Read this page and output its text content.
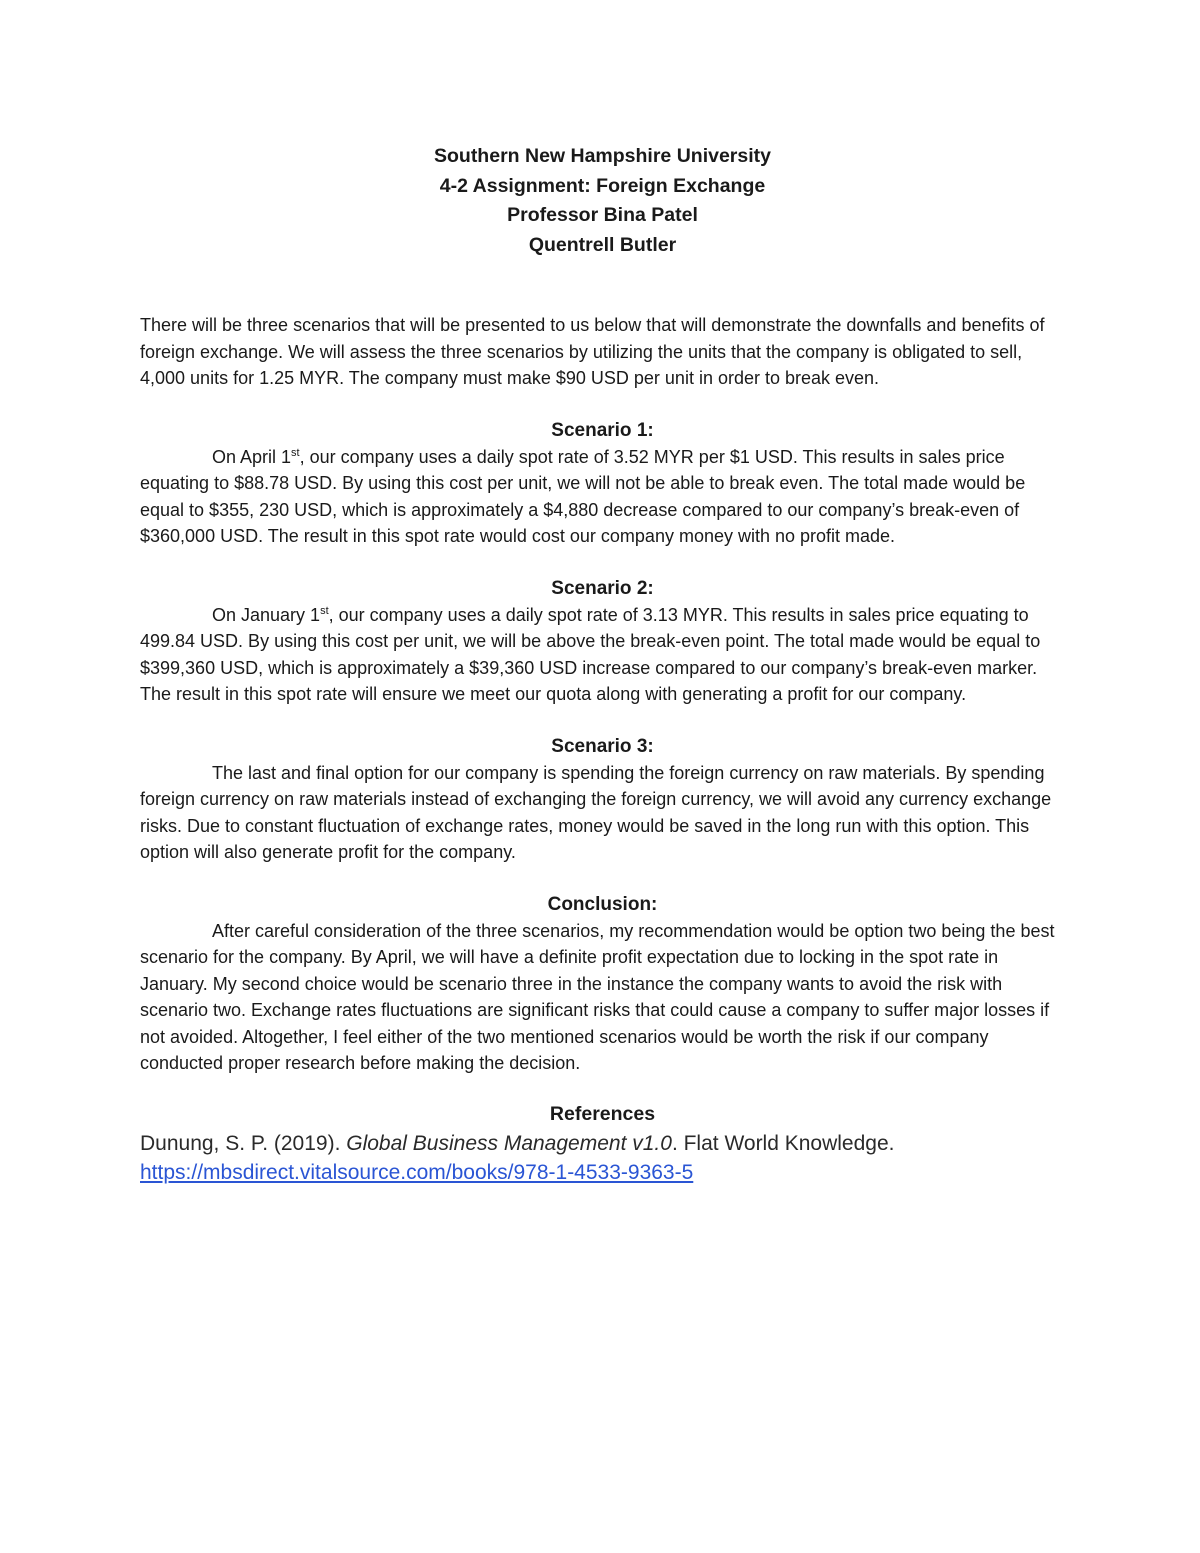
Southern New Hampshire University
4-2 Assignment: Foreign Exchange
Professor Bina Patel
Quentrell Butler
There will be three scenarios that will be presented to us below that will demonstrate the downfalls and benefits of foreign exchange. We will assess the three scenarios by utilizing the units that the company is obligated to sell, 4,000 units for 1.25 MYR. The company must make $90 USD per unit in order to break even.
Scenario 1:
On April 1st, our company uses a daily spot rate of 3.52 MYR per $1 USD. This results in sales price equating to $88.78 USD. By using this cost per unit, we will not be able to break even. The total made would be equal to $355, 230 USD, which is approximately a $4,880 decrease compared to our company’s break-even of $360,000 USD. The result in this spot rate would cost our company money with no profit made.
Scenario 2:
On January 1st, our company uses a daily spot rate of 3.13 MYR. This results in sales price equating to 499.84 USD. By using this cost per unit, we will be above the break-even point. The total made would be equal to $399,360 USD, which is approximately a $39,360 USD increase compared to our company’s break-even marker. The result in this spot rate will ensure we meet our quota along with generating a profit for our company.
Scenario 3:
The last and final option for our company is spending the foreign currency on raw materials. By spending foreign currency on raw materials instead of exchanging the foreign currency, we will avoid any currency exchange risks. Due to constant fluctuation of exchange rates, money would be saved in the long run with this option. This option will also generate profit for the company.
Conclusion:
After careful consideration of the three scenarios, my recommendation would be option two being the best scenario for the company. By April, we will have a definite profit expectation due to locking in the spot rate in January. My second choice would be scenario three in the instance the company wants to avoid the risk with scenario two. Exchange rates fluctuations are significant risks that could cause a company to suffer major losses if not avoided. Altogether, I feel either of the two mentioned scenarios would be worth the risk if our company conducted proper research before making the decision.
References
Dunung, S. P. (2019). Global Business Management v1.0. Flat World Knowledge. https://mbsdirect.vitalsource.com/books/978-1-4533-9363-5
